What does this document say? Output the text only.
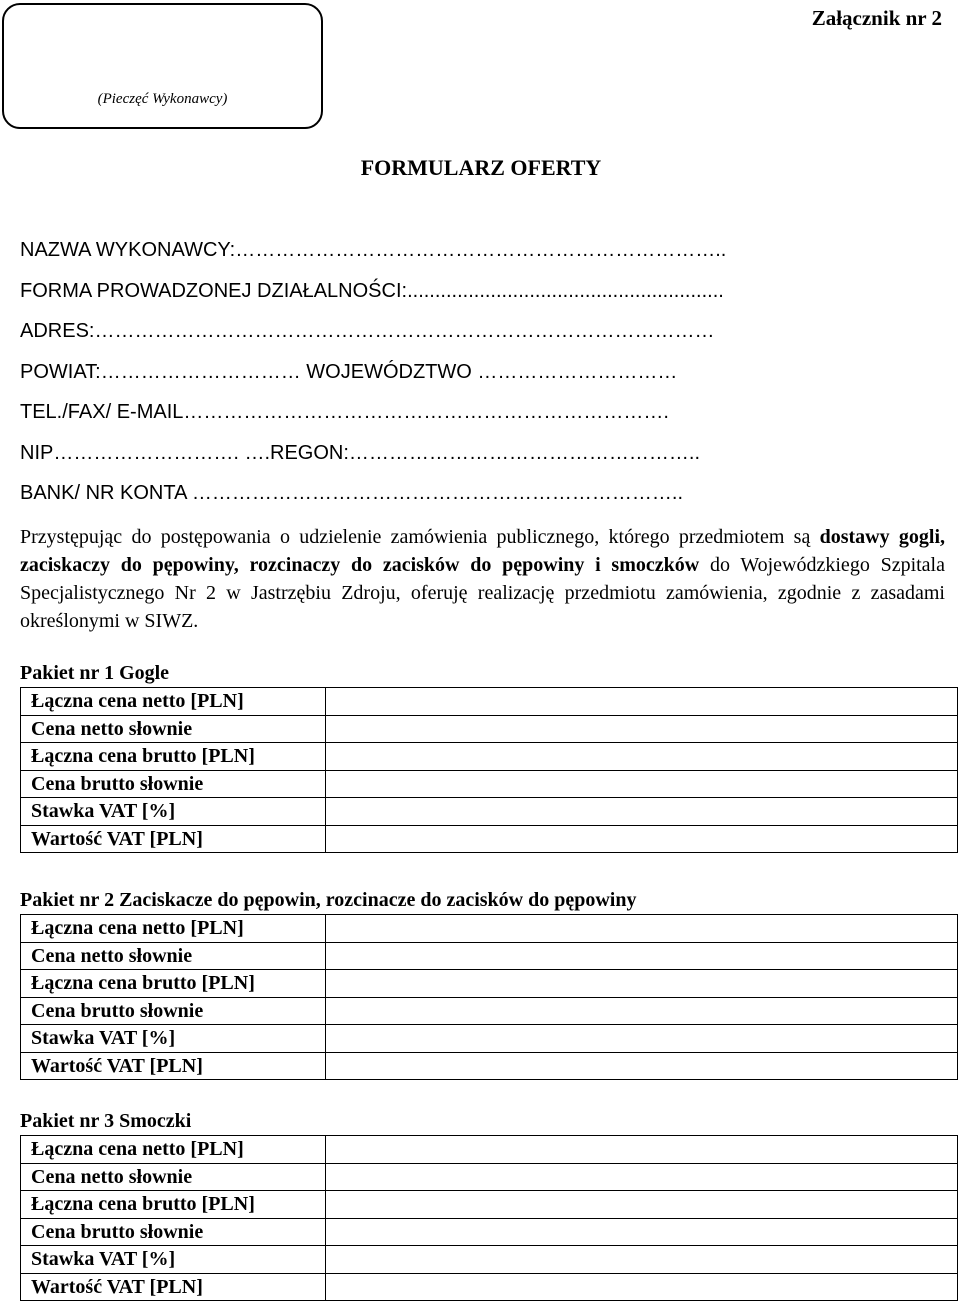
(Pieczęć Wykonawcy)
Załącznik nr 2
FORMULARZ OFERTY
NAZWA WYKONAWCY:………………………………………………………………..
FORMA PROWADZONEJ DZIAŁALNOŚCI:.........................................................
ADRES:…………………………………………………………………………………
POWIAT:………………………… WOJEWÓDZTWO …………………………
TEL./FAX/ E-MAIL……………………………………………………………….
NIP………………………. ….REGON:……………………………………………..
BANK/ NR KONTA ………………………………………………………………..
Przystępując do postępowania o udzielenie zamówienia publicznego, którego przedmiotem są dostawy gogli, zaciskaczy do pępowiny, rozcinaczy do zacisków do pępowiny i smoczków do Wojewódzkiego Szpitala Specjalistycznego Nr 2 w Jastrzębiu Zdroju, oferuję realizację przedmiotu zamówienia, zgodnie z zasadami określonymi w SIWZ.
Pakiet nr 1 Gogle
Łączna cena netto [PLN]	
Cena netto słownie	
Łączna cena brutto [PLN]	
Cena brutto słownie	
Stawka VAT [%]	
Wartość VAT [PLN]	
Pakiet nr 2 Zaciskacze do pępowin, rozcinacze do zacisków do pępowiny
Łączna cena netto [PLN]	
Cena netto słownie	
Łączna cena brutto [PLN]	
Cena brutto słownie	
Stawka VAT [%]	
Wartość VAT [PLN]	
Pakiet nr 3 Smoczki
Łączna cena netto [PLN]	
Cena netto słownie	
Łączna cena brutto [PLN]	
Cena brutto słownie	
Stawka VAT [%]	
Wartość VAT [PLN]	
